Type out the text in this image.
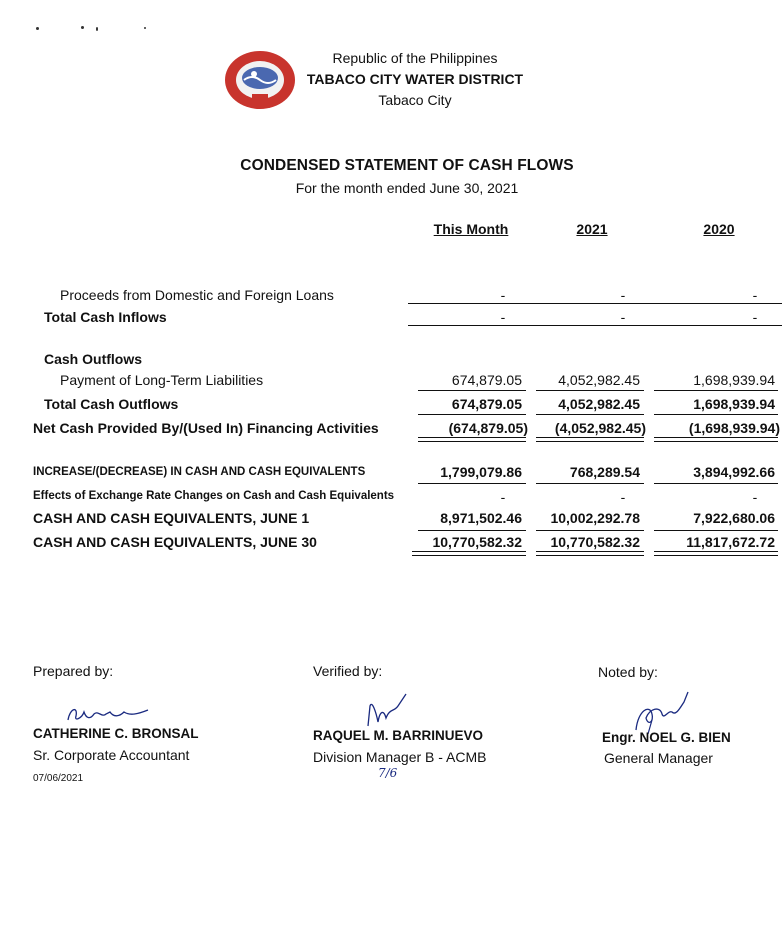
Republic of the Philippines
TABACO CITY WATER DISTRICT
Tabaco City
CONDENSED STATEMENT OF CASH FLOWS
For the month ended June 30, 2021
This Month	2021	2020
Proceeds from Domestic and Foreign Loans	-	-	-
Total Cash Inflows	-	-	-
Cash Outflows
Payment of Long-Term Liabilities	674,879.05	4,052,982.45	1,698,939.94
Total Cash Outflows	674,879.05	4,052,982.45	1,698,939.94
Net Cash Provided By/(Used In) Financing Activities	(674,879.05)	(4,052,982.45)	(1,698,939.94)
INCREASE/(DECREASE) IN CASH AND CASH EQUIVALENTS	1,799,079.86	768,289.54	3,894,992.66
Effects of Exchange Rate Changes on Cash and Cash Equivalents	-	-	-
CASH AND CASH EQUIVALENTS, JUNE 1	8,971,502.46	10,002,292.78	7,922,680.06
CASH AND CASH EQUIVALENTS, JUNE 30	10,770,582.32	10,770,582.32	11,817,672.72
Prepared by:	Verified by:	Noted by:
CATHERINE C. BRONSAL
Sr. Corporate Accountant
07/06/2021
RAQUEL M. BARRINUEVO
Division Manager B - ACMB
7/6
Engr. NOEL G. BIEN
General Manager
